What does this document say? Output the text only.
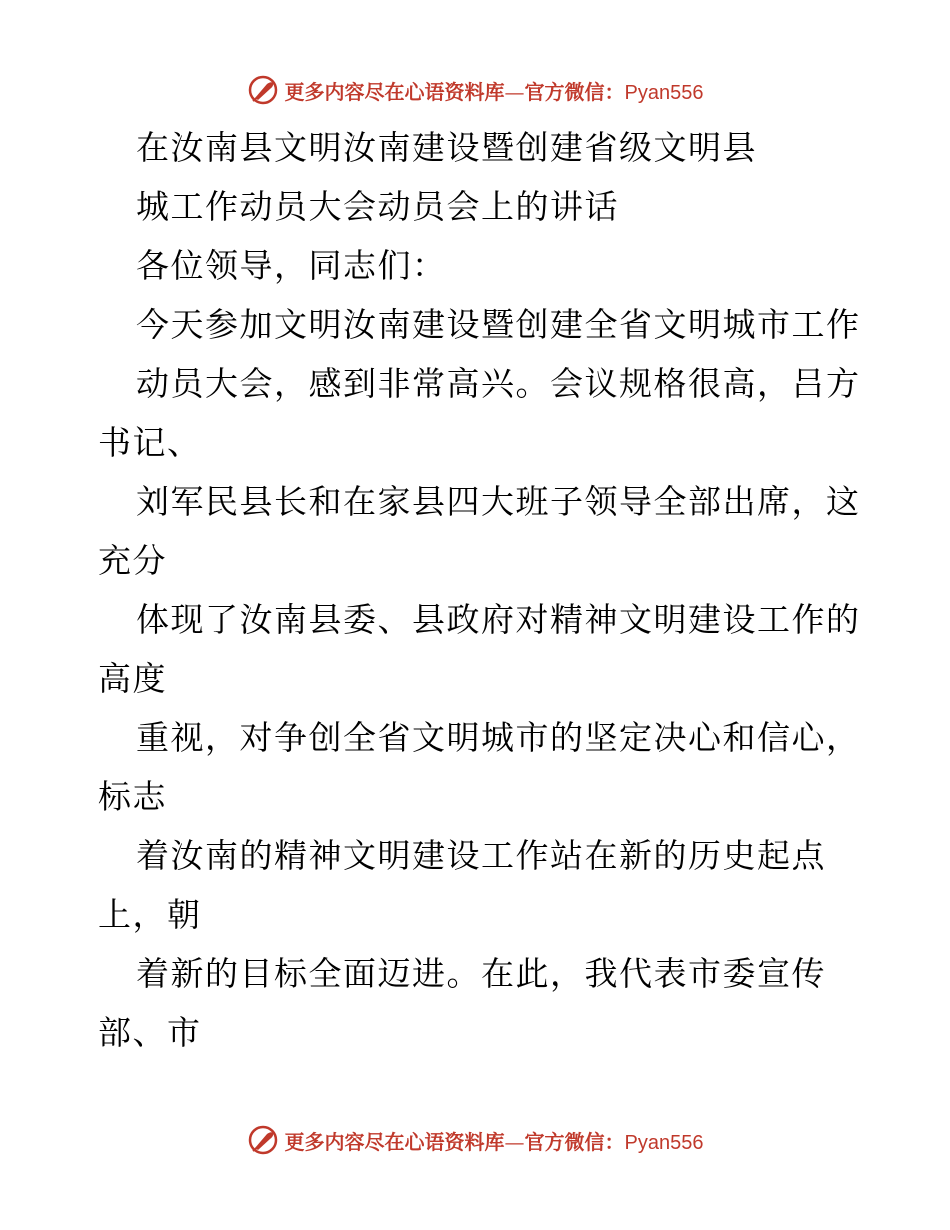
更多内容尽在心语资料库—官方微信：Pyan556
在汝南县文明汝南建设暨创建省级文明县
城工作动员大会动员会上的讲话
各位领导，同志们：
今天参加文明汝南建设暨创建全省文明城市工作
动员大会，感到非常高兴。会议规格很高，吕方
书记、
刘军民县长和在家县四大班子领导全部出席，这
充分
体现了汝南县委、县政府对精神文明建设工作的
高度
重视，对争创全省文明城市的坚定决心和信心，
标志
着汝南的精神文明建设工作站在新的历史起点
上，朝
着新的目标全面迈进。在此，我代表市委宣传
部、市
更多内容尽在心语资料库—官方微信：Pyan556
